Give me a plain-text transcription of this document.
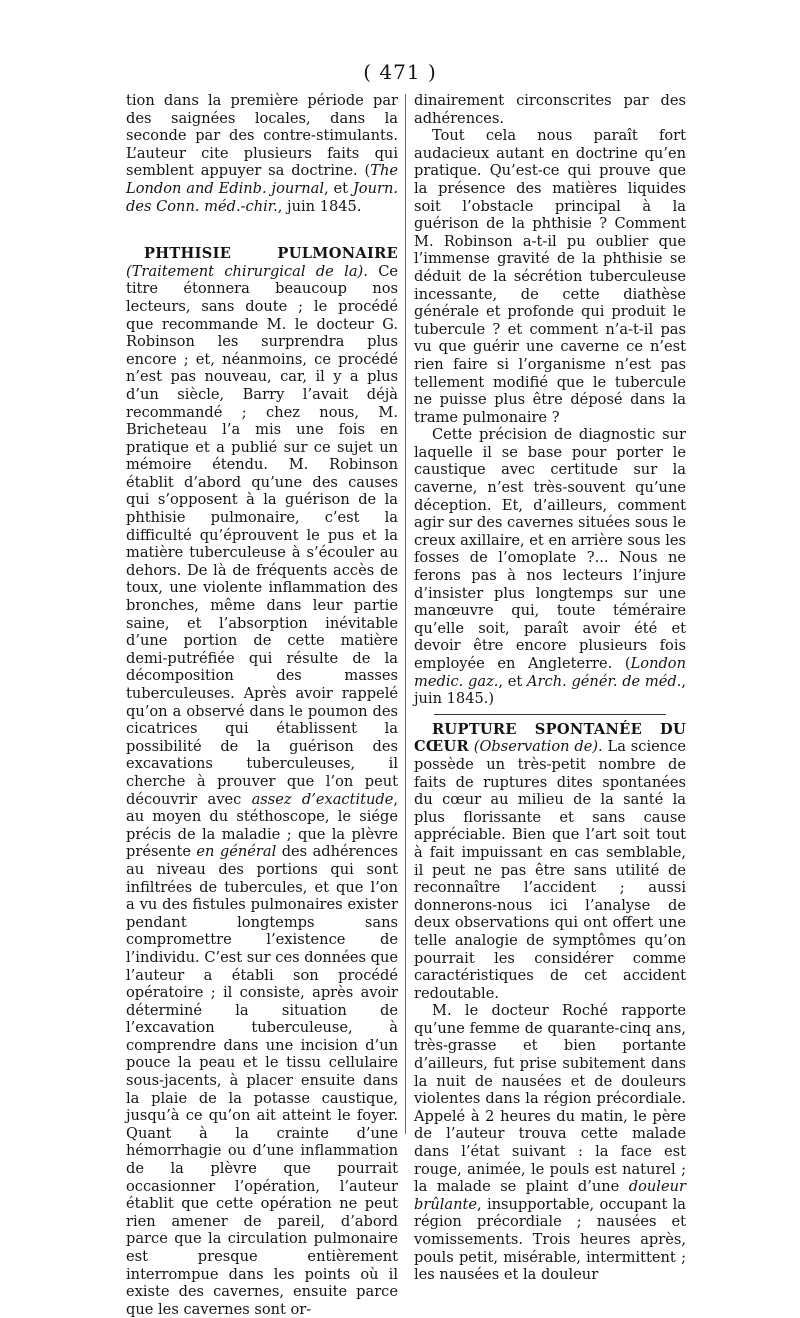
( 471 )

tion dans la première période par des saignées locales, dans la seconde par des contre-stimulants. L’auteur cite plusieurs faits qui semblent appuyer sa doctrine. (The London and Edinb. journal, et Journ. des Conn. méd.-chir., juin 1845.

PHTHISIE PULMONAIRE (Traitement chirurgical de la). Ce titre étonnera beaucoup nos lecteurs, sans doute ; le procédé que recommande M. le docteur G. Robinson les surprendra plus encore ; et, néanmoins, ce procédé n’est pas nouveau, car, il y a plus d’un siècle, Barry l’avait déjà recommandé ; chez nous, M. Bricheteau l’a mis une fois en pratique et a publié sur ce sujet un mémoire étendu. M. Robinson établit d’abord qu’une des causes qui s’opposent à la guérison de la phthisie pulmonaire, c’est la difficulté qu’éprouvent le pus et la matière tuberculeuse à s’écouler au dehors. De là de fréquents accès de toux, une violente inflammation des bronches, même dans leur partie saine, et l’absorption inévitable d’une portion de cette matière demi-putréfiée qui résulte de la décomposition des masses tuberculeuses. Après avoir rappelé qu’on a observé dans le poumon des cicatrices qui établissent la possibilité de la guérison des excavations tuberculeuses, il cherche à prouver que l’on peut découvrir avec assez d’exactitude, au moyen du stéthoscope, le siége précis de la maladie ; que la plèvre présente en général des adhérences au niveau des portions qui sont infiltrées de tubercules, et que l’on a vu des fistules pulmonaires exister pendant longtemps sans compromettre l’existence de l’individu. C’est sur ces données que l’auteur a établi son procédé opératoire ; il consiste, après avoir déterminé la situation de l’excavation tuberculeuse, à comprendre dans une incision d’un pouce la peau et le tissu cellulaire sous-jacents, à placer ensuite dans la plaie de la potasse caustique, jusqu’à ce qu’on ait atteint le foyer. Quant à la crainte d’une hémorrhagie ou d’une inflammation de la plèvre que pourrait occasionner l’opération, l’auteur établit que cette opération ne peut rien amener de pareil, d’abord parce que la circulation pulmonaire est presque entièrement interrompue dans les points où il existe des cavernes, ensuite parce que les cavernes sont or-

dinairement circonscrites par des adhérences.

Tout cela nous paraît fort audacieux autant en doctrine qu’en pratique. Qu’est-ce qui prouve que la présence des matières liquides soit l’obstacle principal à la guérison de la phthisie ? Comment M. Robinson a-t-il pu oublier que l’immense gravité de la phthisie se déduit de la sécrétion tuberculeuse incessante, de cette diathèse générale et profonde qui produit le tubercule ? et comment n’a-t-il pas vu que guérir une caverne ce n’est rien faire si l’organisme n’est pas tellement modifié que le tubercule ne puisse plus être déposé dans la trame pulmonaire ?

Cette précision de diagnostic sur laquelle il se base pour porter le caustique avec certitude sur la caverne, n’est très-souvent qu’une déception. Et, d’ailleurs, comment agir sur des cavernes situées sous le creux axillaire, et en arrière sous les fosses de l’omoplate ?... Nous ne ferons pas à nos lecteurs l’injure d’insister plus longtemps sur une manœuvre qui, toute téméraire qu’elle soit, paraît avoir été et devoir être encore plusieurs fois employée en Angleterre. (London medic. gaz., et Arch. génér. de méd., juin 1845.)

RUPTURE SPONTANÉE DU CŒUR (Observation de). La science possède un très-petit nombre de faits de ruptures dites spontanées du cœur au milieu de la santé la plus florissante et sans cause appréciable. Bien que l’art soit tout à fait impuissant en cas semblable, il peut ne pas être sans utilité de reconnaître l’accident ; aussi donnerons-nous ici l’analyse de deux observations qui ont offert une telle analogie de symptômes qu’on pourrait les considérer comme caractéristiques de cet accident redoutable.

M. le docteur Roché rapporte qu’une femme de quarante-cinq ans, très-grasse et bien portante d’ailleurs, fut prise subitement dans la nuit de nausées et de douleurs violentes dans la région précordiale. Appelé à 2 heures du matin, le père de l’auteur trouva cette malade dans l’état suivant : la face est rouge, animée, le pouls est naturel ; la malade se plaint d’une douleur brûlante, insupportable, occupant la région précordiale ; nausées et vomissements. Trois heures après, pouls petit, misérable, intermittent ; les nausées et la douleur
